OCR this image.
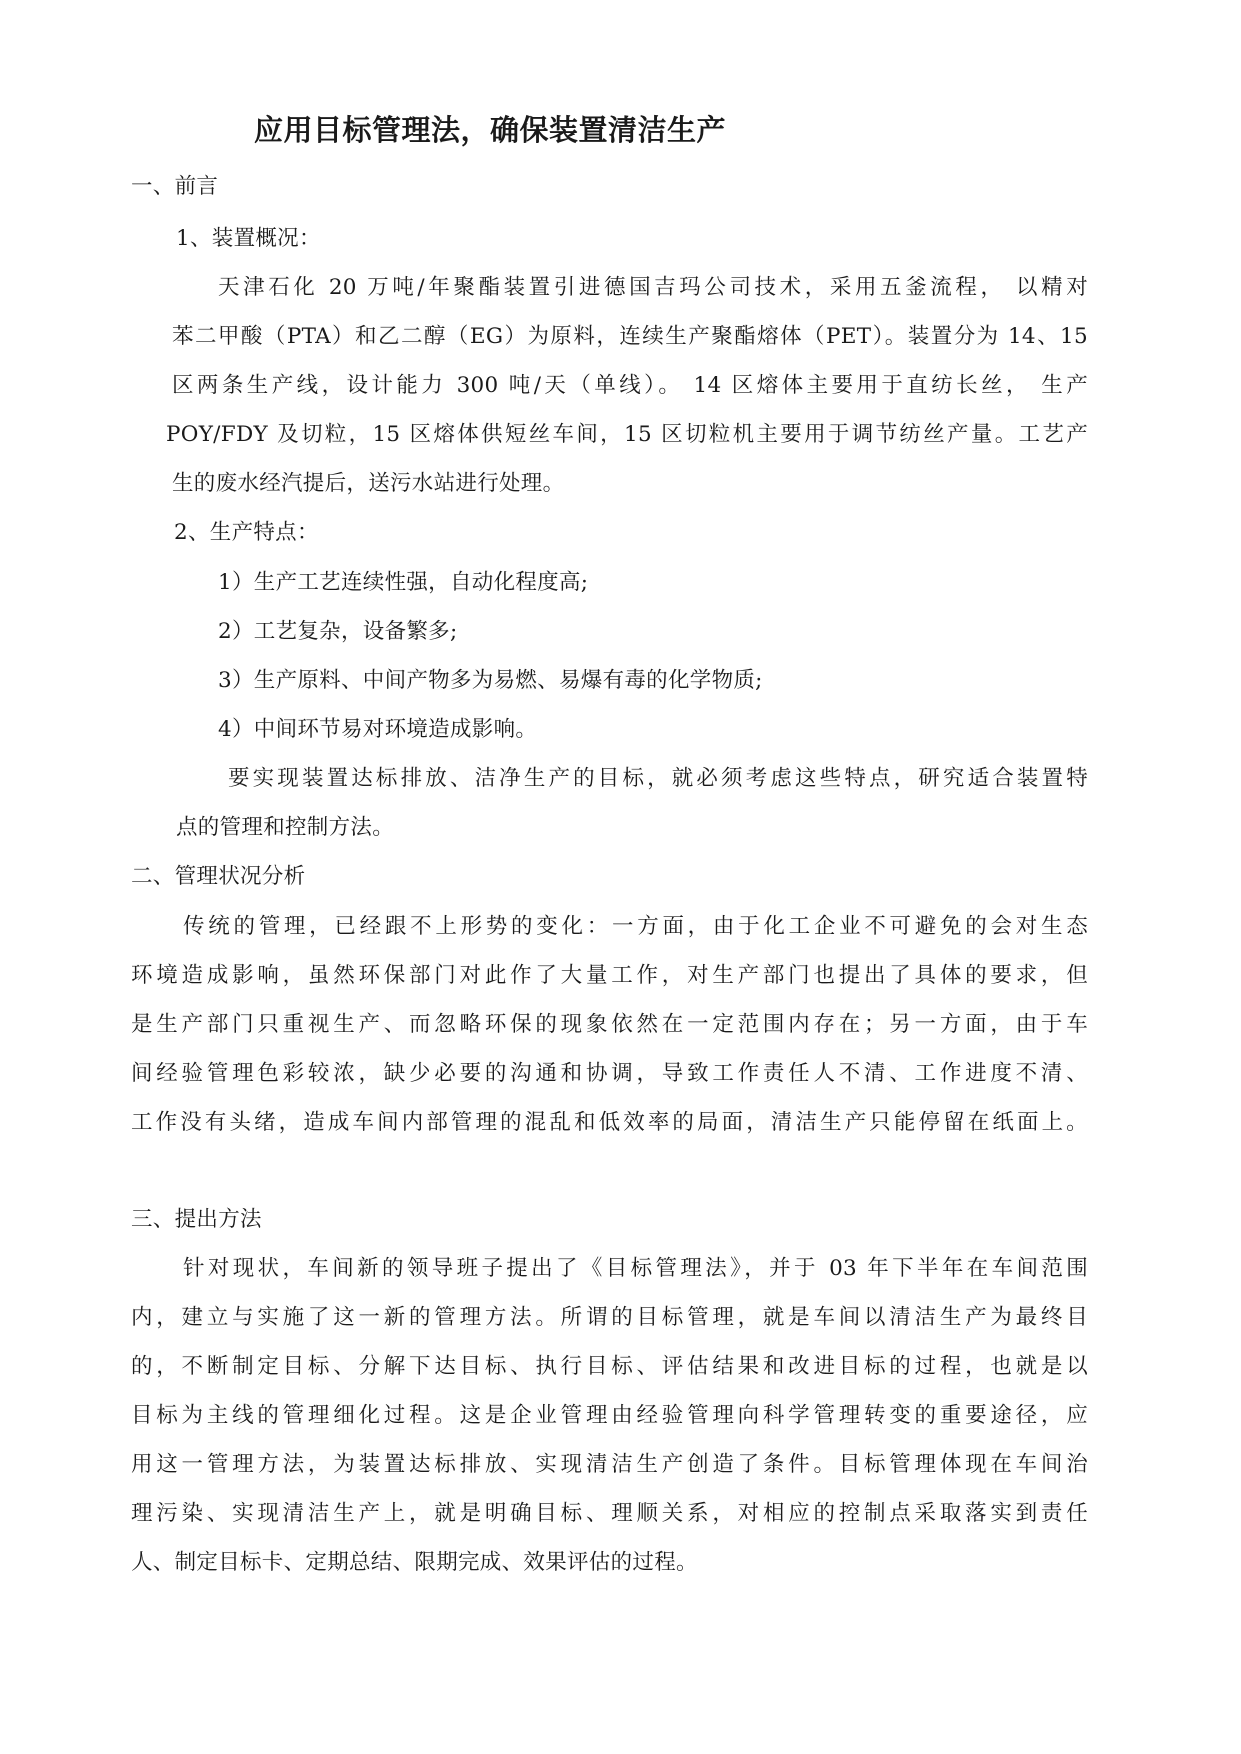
应用目标管理法，确保装置清洁生产
一、前言
1、装置概况：
天津石化 20 万吨/年聚酯装置引进德国吉玛公司技术，采用五釜流程， 以精对
苯二甲酸（PTA）和乙二醇（EG）为原料，连续生产聚酯熔体（PET）。装置分为 14、15
区两条生产线，设计能力 300 吨/天（单线）。 14 区熔体主要用于直纺长丝， 生产
POY/FDY 及切粒，15 区熔体供短丝车间，15 区切粒机主要用于调节纺丝产量。工艺产
生的废水经汽提后，送污水站进行处理。
2、生产特点：
1）生产工艺连续性强，自动化程度高;
2）工艺复杂，设备繁多;
3）生产原料、中间产物多为易燃、易爆有毒的化学物质;
4）中间环节易对环境造成影响。
要实现装置达标排放、洁净生产的目标，就必须考虑这些特点，研究适合装置特
点的管理和控制方法。
二、管理状况分析
传统的管理，已经跟不上形势的变化：一方面，由于化工企业不可避免的会对生态
环境造成影响，虽然环保部门对此作了大量工作，对生产部门也提出了具体的要求，但
是生产部门只重视生产、而忽略环保的现象依然在一定范围内存在；另一方面，由于车
间经验管理色彩较浓，缺少必要的沟通和协调，导致工作责任人不清、工作进度不清、
工作没有头绪，造成车间内部管理的混乱和低效率的局面，清洁生产只能停留在纸面上。
三、提出方法
针对现状，车间新的领导班子提出了《目标管理法》，并于 03 年下半年在车间范围
内，建立与实施了这一新的管理方法。所谓的目标管理，就是车间以清洁生产为最终目
的，不断制定目标、分解下达目标、执行目标、评估结果和改进目标的过程，也就是以
目标为主线的管理细化过程。这是企业管理由经验管理向科学管理转变的重要途径，应
用这一管理方法，为装置达标排放、实现清洁生产创造了条件。目标管理体现在车间治
理污染、实现清洁生产上，就是明确目标、理顺关系，对相应的控制点采取落实到责任
人、制定目标卡、定期总结、限期完成、效果评估的过程。
